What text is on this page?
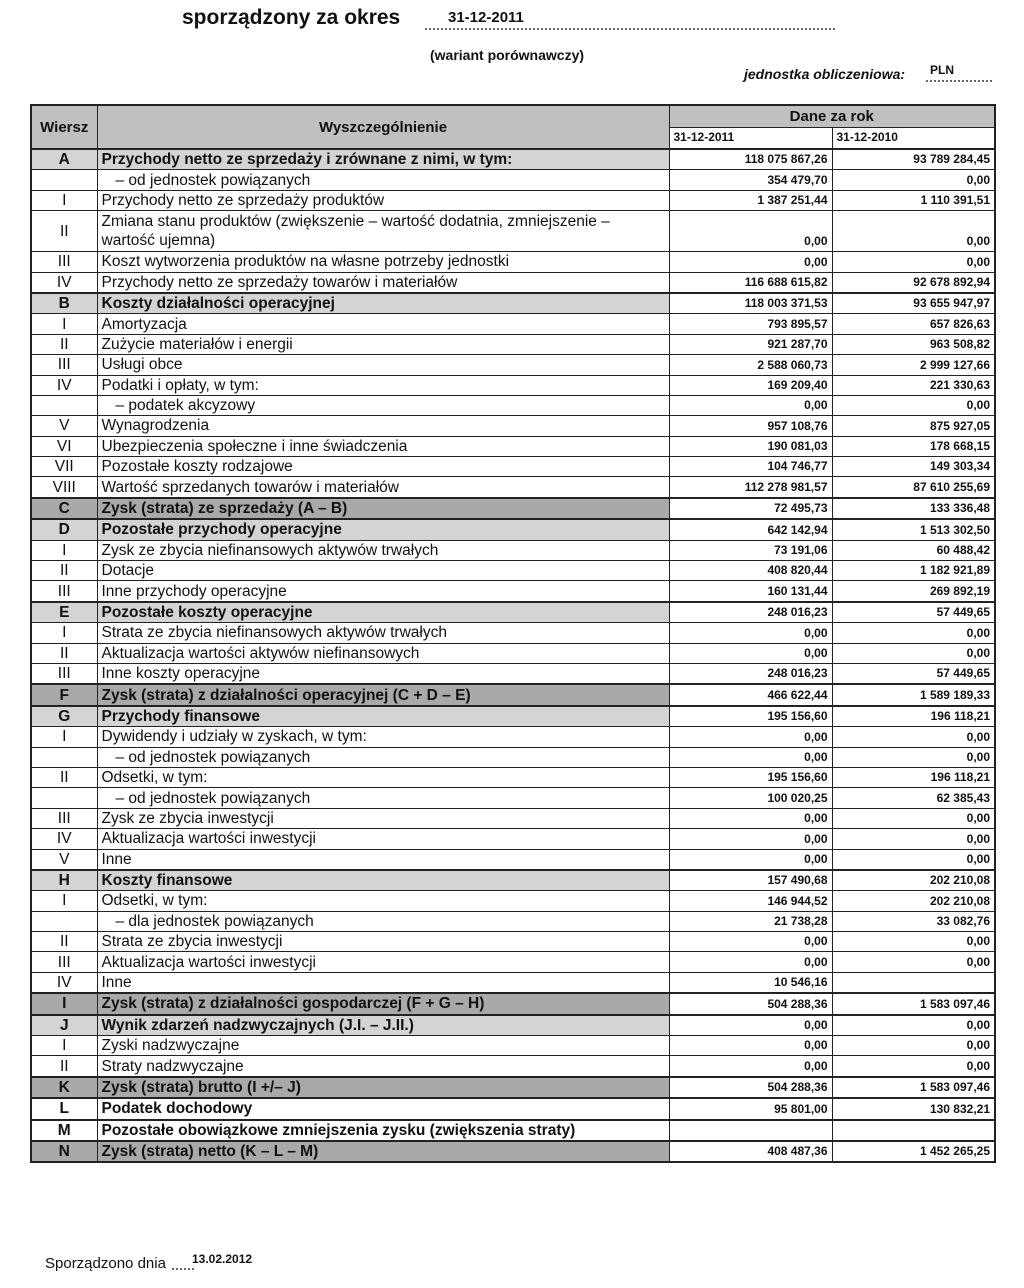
sporządzony za okres	31-12-2011
(wariant porównawczy)
jednostka obliczeniowa: PLN
Wiersz	Wyszczególnienie	Dane za rok	
		31-12-2011	31-12-2010
A	Przychody netto ze sprzedaży i zrównane z nimi, w tym:	118 075 867,26	93 789 284,45
	– od jednostek powiązanych	354 479,70	0,00
I	Przychody netto ze sprzedaży produktów	1 387 251,44	1 110 391,51
II	Zmiana stanu produktów (zwiększenie – wartość dodatnia, zmniejszenie – wartość ujemna)	0,00	0,00
III	Koszt wytworzenia produktów na własne potrzeby jednostki	0,00	0,00
IV	Przychody netto ze sprzedaży towarów i materiałów	116 688 615,82	92 678 892,94
B	Koszty działalności operacyjnej	118 003 371,53	93 655 947,97
I	Amortyzacja	793 895,57	657 826,63
II	Zużycie materiałów i energii	921 287,70	963 508,82
III	Usługi obce	2 588 060,73	2 999 127,66
IV	Podatki i opłaty, w tym:	169 209,40	221 330,63
	– podatek akcyzowy	0,00	0,00
V	Wynagrodzenia	957 108,76	875 927,05
VI	Ubezpieczenia społeczne i inne świadczenia	190 081,03	178 668,15
VII	Pozostałe koszty rodzajowe	104 746,77	149 303,34
VIII	Wartość sprzedanych towarów i materiałów	112 278 981,57	87 610 255,69
C	Zysk (strata) ze sprzedaży (A – B)	72 495,73	133 336,48
D	Pozostałe przychody operacyjne	642 142,94	1 513 302,50
I	Zysk ze zbycia niefinansowych aktywów trwałych	73 191,06	60 488,42
II	Dotacje	408 820,44	1 182 921,89
III	Inne przychody operacyjne	160 131,44	269 892,19
E	Pozostałe koszty operacyjne	248 016,23	57 449,65
I	Strata ze zbycia niefinansowych aktywów trwałych	0,00	0,00
II	Aktualizacja wartości aktywów niefinansowych	0,00	0,00
III	Inne koszty operacyjne	248 016,23	57 449,65
F	Zysk (strata) z działalności operacyjnej (C + D – E)	466 622,44	1 589 189,33
G	Przychody finansowe	195 156,60	196 118,21
I	Dywidendy i udziały w zyskach, w tym:	0,00	0,00
	– od jednostek powiązanych	0,00	0,00
II	Odsetki, w tym:	195 156,60	196 118,21
	– od jednostek powiązanych	100 020,25	62 385,43
III	Zysk ze zbycia inwestycji	0,00	0,00
IV	Aktualizacja wartości inwestycji	0,00	0,00
V	Inne	0,00	0,00
H	Koszty finansowe	157 490,68	202 210,08
I	Odsetki, w tym:	146 944,52	202 210,08
	– dla jednostek powiązanych	21 738,28	33 082,76
II	Strata ze zbycia inwestycji	0,00	0,00
III	Aktualizacja wartości inwestycji	0,00	0,00
IV	Inne	10 546,16	
I	Zysk (strata) z działalności gospodarczej (F + G – H)	504 288,36	1 583 097,46
J	Wynik zdarzeń nadzwyczajnych (J.I. – J.II.)	0,00	0,00
I	Zyski nadzwyczajne	0,00	0,00
II	Straty nadzwyczajne	0,00	0,00
K	Zysk (strata) brutto (I +/– J)	504 288,36	1 583 097,46
L	Podatek dochodowy	95 801,00	130 832,21
M	Pozostałe obowiązkowe zmniejszenia zysku (zwiększenia straty)		
N	Zysk (strata) netto (K – L – M)	408 487,36	1 452 265,25
Sporządzono dnia 13.02.2012
